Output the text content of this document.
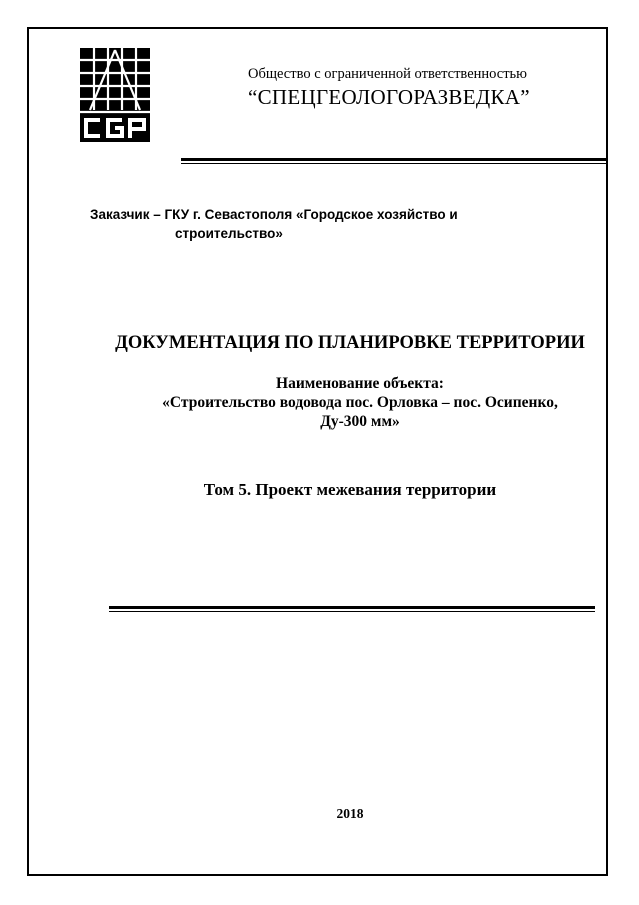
Общество с ограниченной ответственностью
“СПЕЦГЕОЛОГОРАЗВЕДКА”
Заказчик – ГКУ г. Севастополя «Городское хозяйство и
строительство»
ДОКУМЕНТАЦИЯ ПО ПЛАНИРОВКЕ ТЕРРИТОРИИ
Наименование объекта:
«Строительство водовода пос. Орловка – пос. Осипенко,
Ду-300 мм»
Том 5. Проект межевания территории
2018
